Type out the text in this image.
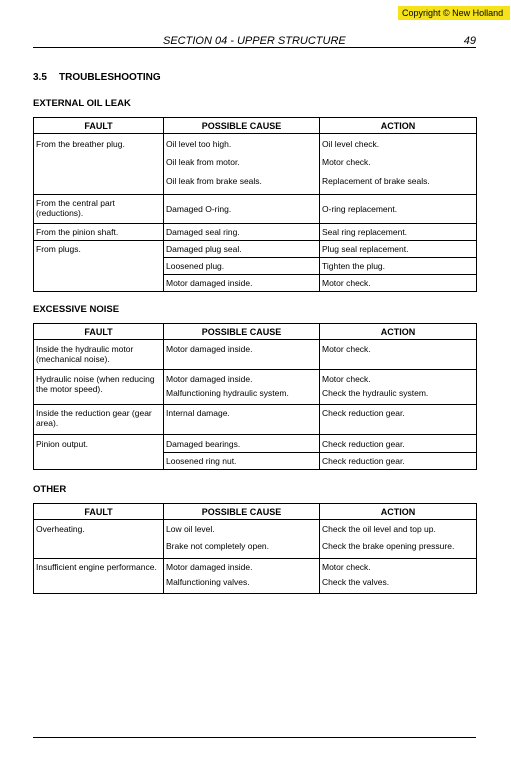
Copyright © New Holland
SECTION 04 - UPPER STRUCTURE	49
3.5 TROUBLESHOOTING
EXTERNAL OIL LEAK
FAULT	POSSIBLE CAUSE	ACTION
From the breather plug.	Oil level too high.	Oil level check.
	Oil leak from motor.	Motor check.
	Oil leak from brake seals.	Replacement of brake seals.
From the central part (reductions).	Damaged O-ring.	O-ring replacement.
From the pinion shaft.	Damaged seal ring.	Seal ring replacement.
From plugs.	Damaged plug seal.	Plug seal replacement.
	Loosened plug.	Tighten the plug.
	Motor damaged inside.	Motor check.
EXCESSIVE NOISE
FAULT	POSSIBLE CAUSE	ACTION
Inside the hydraulic motor (mechanical noise).	Motor damaged inside.	Motor check.
Hydraulic noise (when reducing the motor speed).	Motor damaged inside.	Motor check.
	Malfunctioning hydraulic system.	Check the hydraulic system.
Inside the reduction gear (gear area).	Internal damage.	Check reduction gear.
Pinion output.	Damaged bearings.	Check reduction gear.
	Loosened ring nut.	Check reduction gear.
OTHER
FAULT	POSSIBLE CAUSE	ACTION
Overheating.	Low oil level.	Check the oil level and top up.
	Brake not completely open.	Check the brake opening pressure.
Insufficient engine performance.	Motor damaged inside.	Motor check.
	Malfunctioning valves.	Check the valves.
